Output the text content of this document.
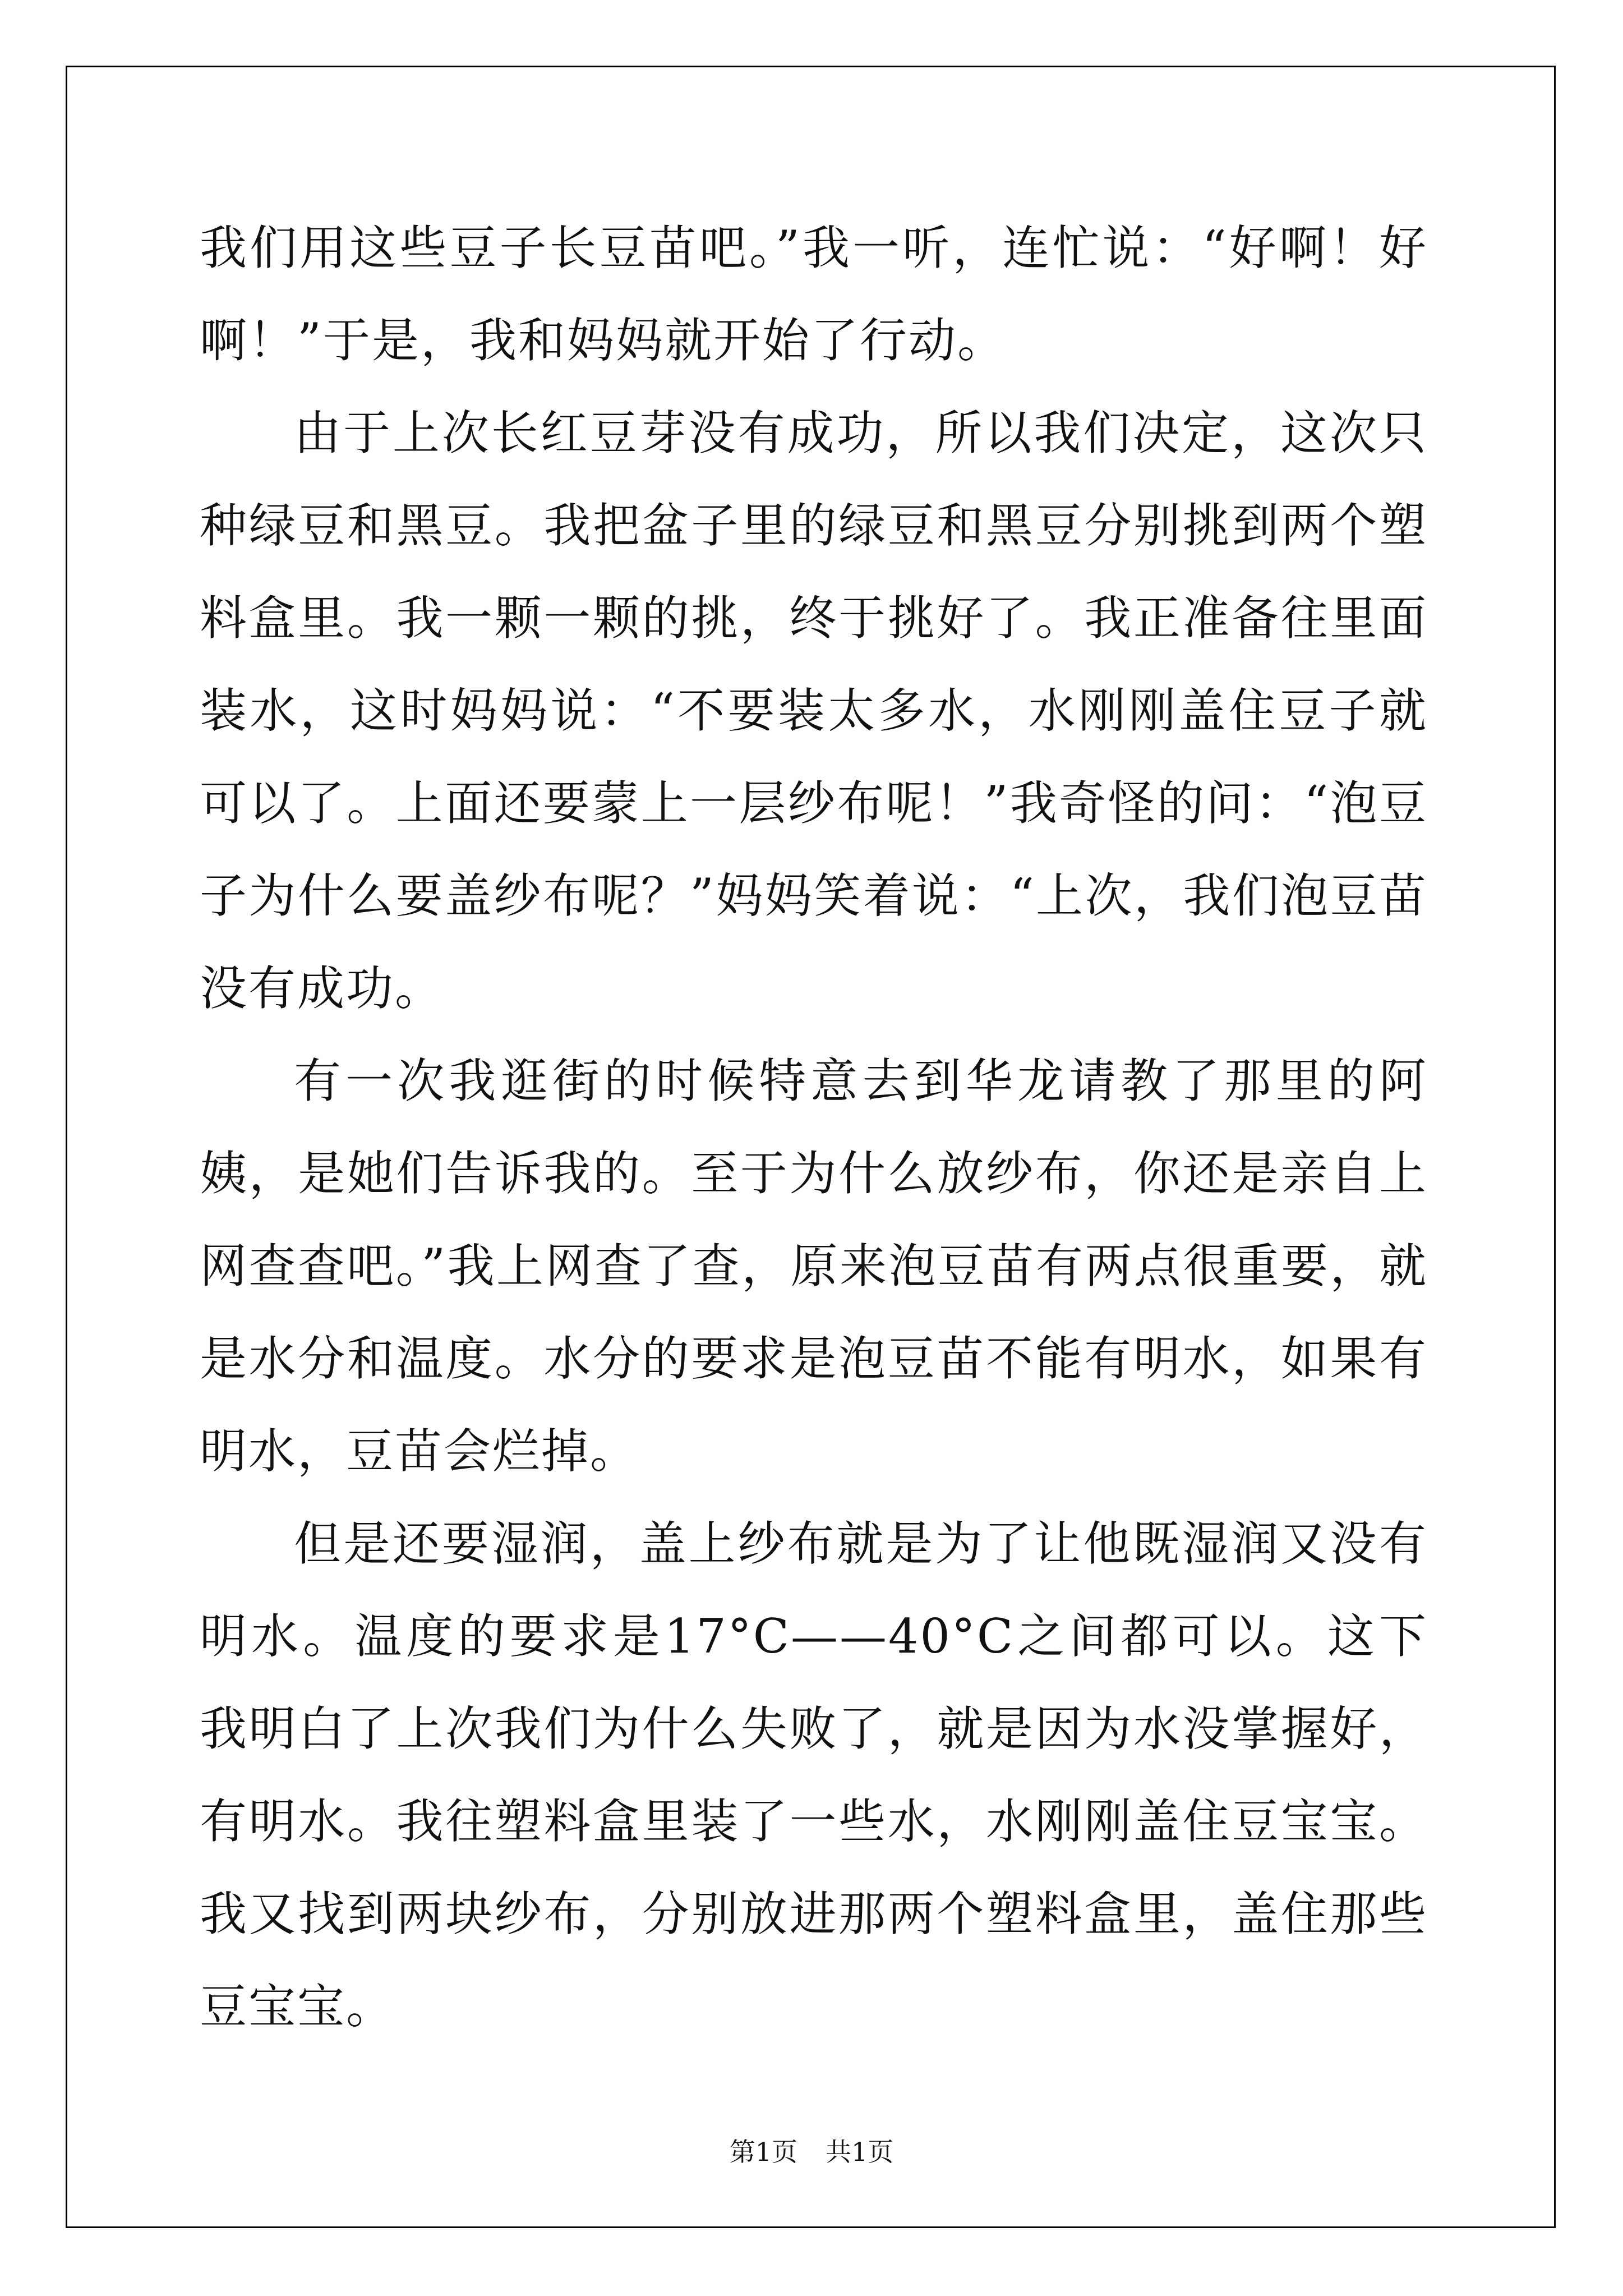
我们用这些豆子长豆苗吧。”我一听，连忙说：“好啊！好啊！”于是，我和妈妈就开始了行动。

由于上次长红豆芽没有成功，所以我们决定，这次只种绿豆和黑豆。我把盆子里的绿豆和黑豆分别挑到两个塑料盒里。我一颗一颗的挑，终于挑好了。我正准备往里面装水，这时妈妈说：“不要装太多水，水刚刚盖住豆子就可以了。上面还要蒙上一层纱布呢！”我奇怪的问：“泡豆子为什么要盖纱布呢？”妈妈笑着说：“上次，我们泡豆苗没有成功。

有一次我逛街的时候特意去到华龙请教了那里的阿姨，是她们告诉我的。至于为什么放纱布，你还是亲自上网查查吧。”我上网查了查，原来泡豆苗有两点很重要，就是水分和温度。水分的要求是泡豆苗不能有明水，如果有明水，豆苗会烂掉。

但是还要湿润，盖上纱布就是为了让他既湿润又没有明水。温度的要求是17°C——40°C之间都可以。这下我明白了上次我们为什么失败了，就是因为水没掌握好，有明水。我往塑料盒里装了一些水，水刚刚盖住豆宝宝。我又找到两块纱布，分别放进那两个塑料盒里，盖住那些豆宝宝。

第1页 共1页
